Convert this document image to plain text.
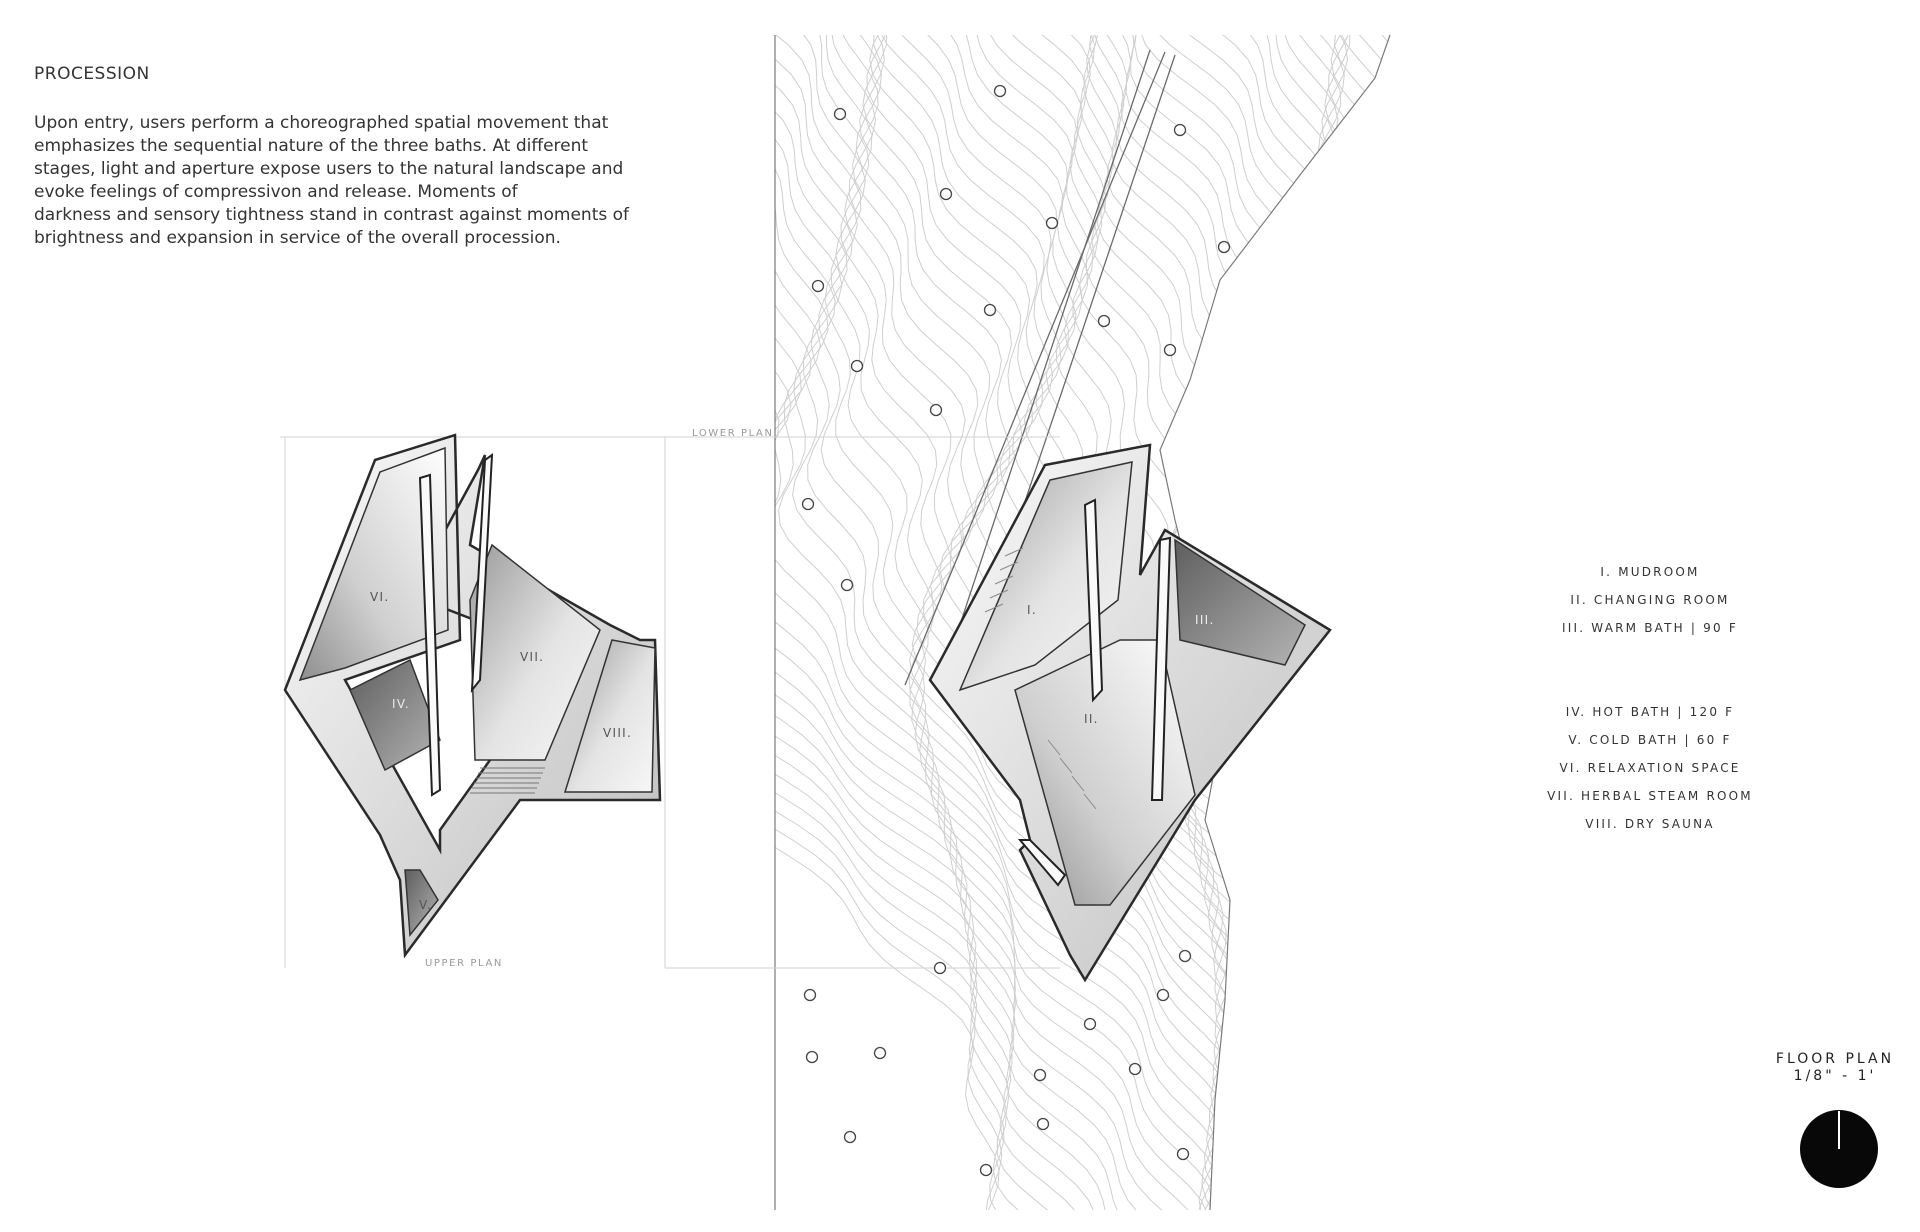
PROCESSION
Upon entry, users perform a choreographed spatial movement that
emphasizes the sequential nature of the three baths. At different
stages, light and aperture expose users to the natural landscape and
evoke feelings of compressivon and release. Moments of
darkness and sensory tightness stand in contrast against moments of
brightness and expansion in service of the overall procession.
LOWER PLAN
UPPER PLAN
VI.
VII.
IV.
VIII.
V.
I.
II.
III.
I. MUDROOM
II. CHANGING ROOM
III. WARM BATH | 90 F
IV. HOT BATH | 120 F
V. COLD BATH | 60 F
VI. RELAXATION SPACE
VII. HERBAL STEAM ROOM
VIII. DRY SAUNA
FLOOR PLAN
1/8" - 1'
